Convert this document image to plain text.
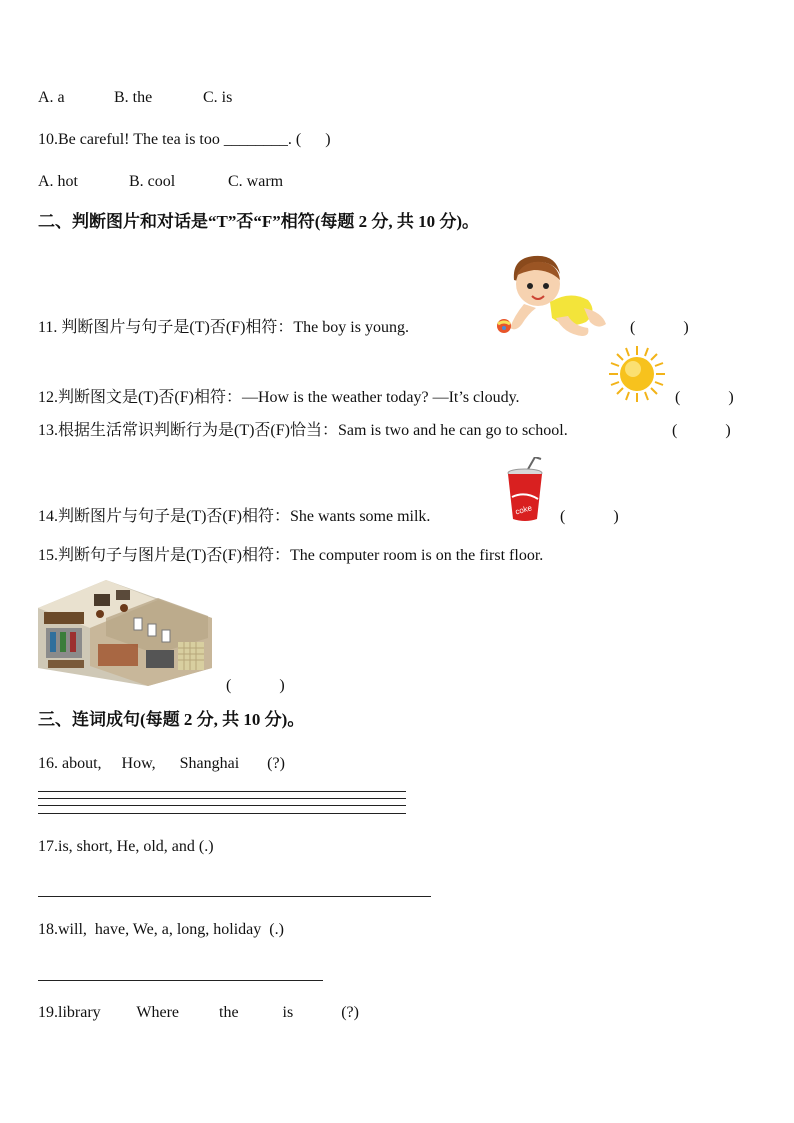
A. a	B. the	C. is
10.Be careful! The tea is too ________. (      )
A. hot	B. cool	C. warm
二、判断图片和对话是“T”否“F”相符(每题 2 分, 共 10 分)。
11. 判断图片与句子是(T)否(F)相符：The boy is young.	(            )
12.判断图文是(T)否(F)相符：—How is the weather today? —It’s cloudy.	(            )
13.根据生活常识判断行为是(T)否(F)恰当：Sam is two and he can go to school.	(            )
coke
14.判断图片与句子是(T)否(F)相符：She wants some milk.	(            )
15.判断句子与图片是(T)否(F)相符：The computer room is on the first floor.
(            )
三、连词成句(每题 2 分, 共 10 分)。
16. about,     How,      Shanghai       (?)
17.is, short, He, old, and (.)
18.will,  have, We, a, long, holiday  (.)
19.library         Where          the           is            (?)
